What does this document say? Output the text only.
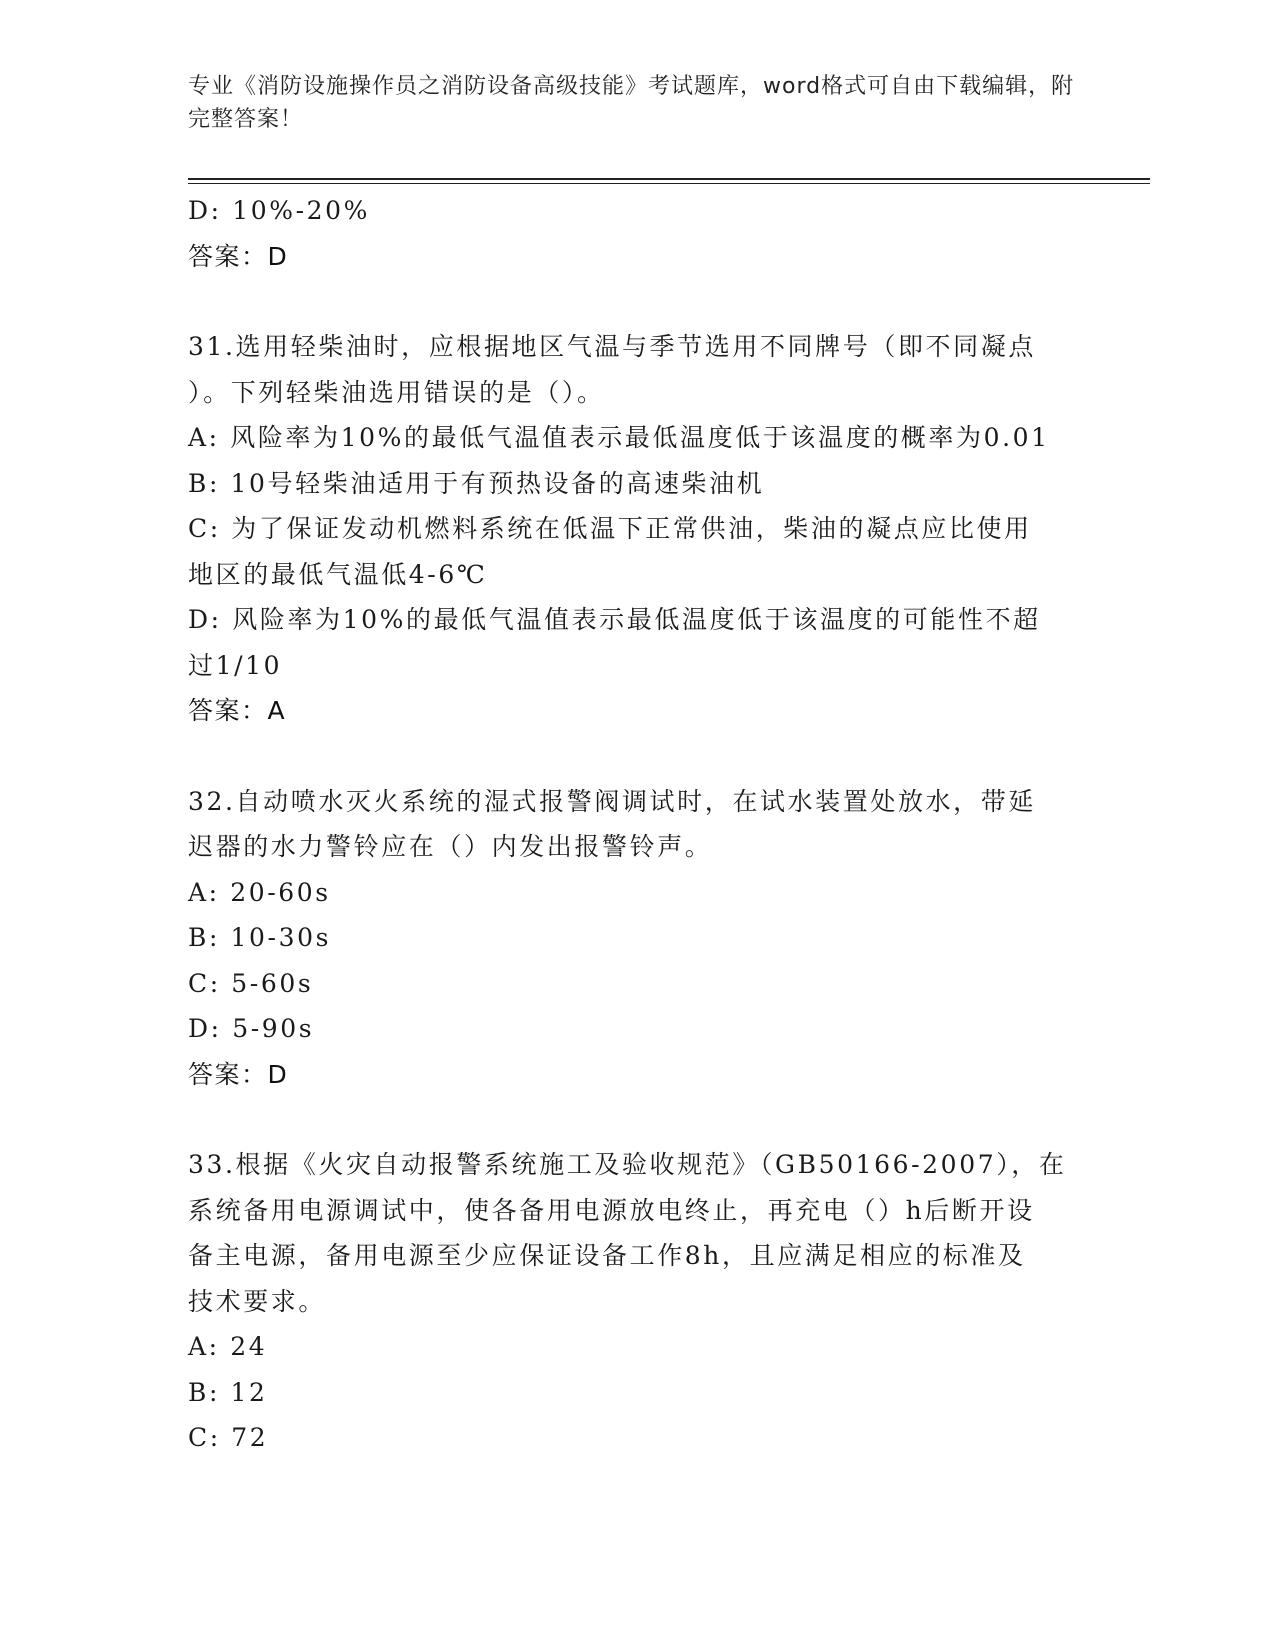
专业《消防设施操作员之消防设备高级技能》考试题库，word格式可自由下载编辑，附完整答案！
D: 10%-20%
答案：D
31.选用轻柴油时，应根据地区气温与季节选用不同牌号（即不同凝点
）。下列轻柴油选用错误的是（）。
A: 风险率为10%的最低气温值表示最低温度低于该温度的概率为0.01
B: 10号轻柴油适用于有预热设备的高速柴油机
C: 为了保证发动机燃料系统在低温下正常供油，柴油的凝点应比使用
地区的最低气温低4-6℃
D: 风险率为10%的最低气温值表示最低温度低于该温度的可能性不超
过1/10
答案：A
32.自动喷水灭火系统的湿式报警阀调试时，在试水装置处放水，带延
迟器的水力警铃应在（）内发出报警铃声。
A: 20-60s
B: 10-30s
C: 5-60s
D: 5-90s
答案：D
33.根据《火灾自动报警系统施工及验收规范》（GB50166-2007），在
系统备用电源调试中，使各备用电源放电终止，再充电（）h后断开设
备主电源，备用电源至少应保证设备工作8h，且应满足相应的标准及
技术要求。
A: 24
B: 12
C: 72
